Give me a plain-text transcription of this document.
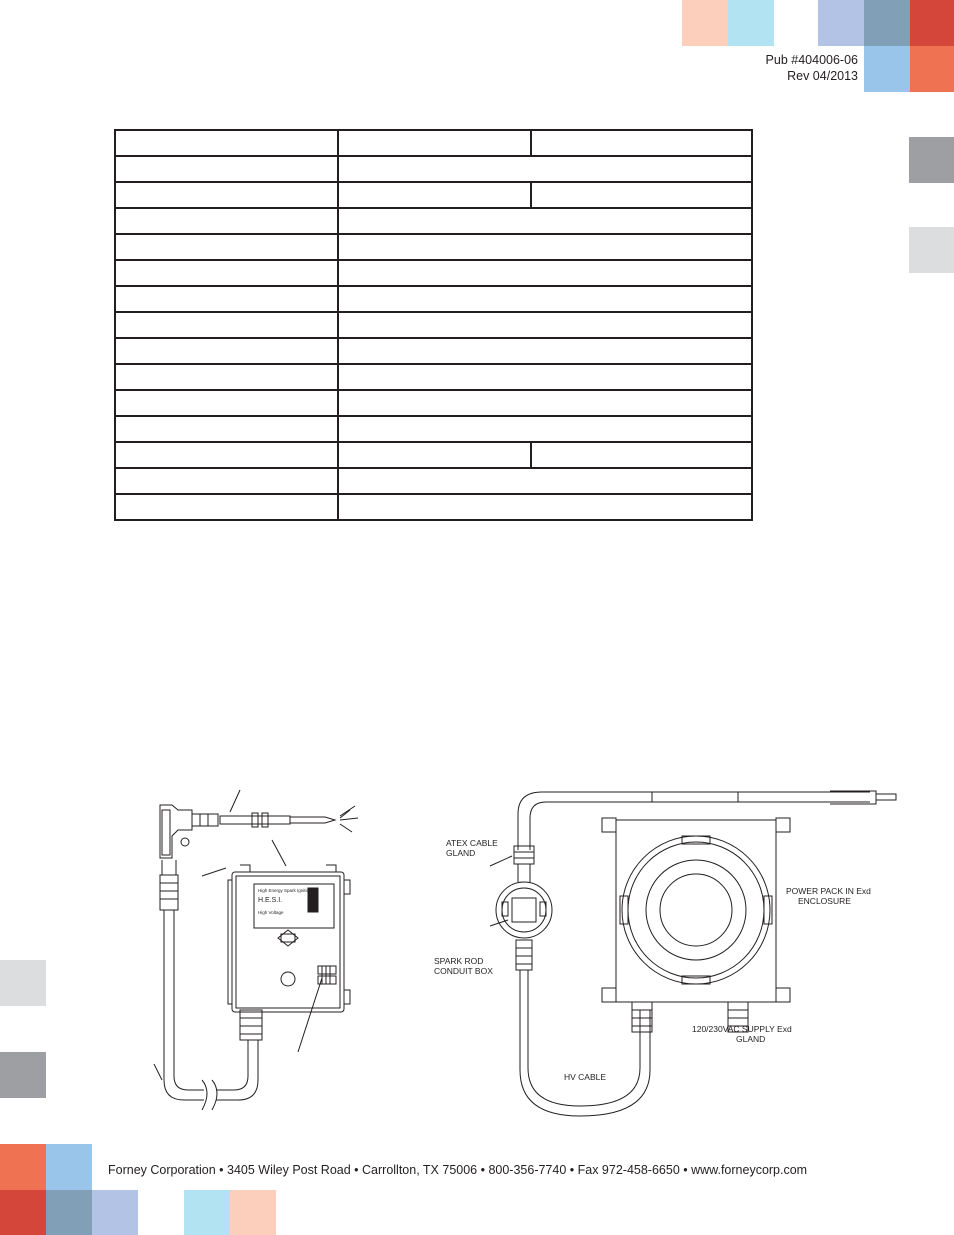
Pub #404006-06
Rev 04/2013

High Energy Spark Ignition
H.E.S.I.
High Voltage
ATEX CABLE
GLAND
SPARK ROD
CONDUIT BOX
POWER PACK IN Exd
ENCLOSURE
120/230VAC SUPPLY Exd
GLAND
HV CABLE
Forney Corporation • 3405 Wiley Post Road • Carrollton, TX 75006 • 800-356-7740 • Fax 972-458-6650 • www.forneycorp.com
